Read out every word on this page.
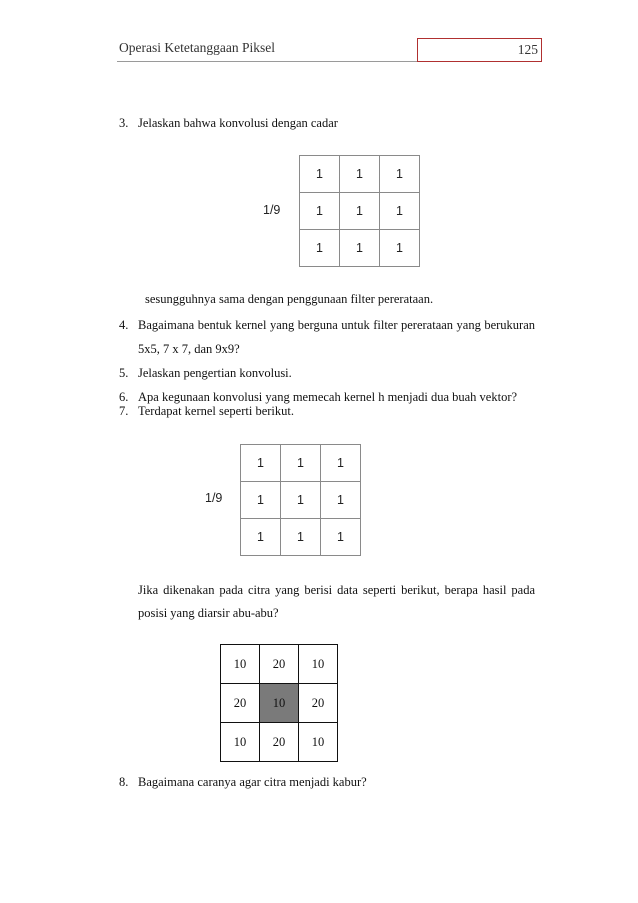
Operasi Ketetanggaan Piksel	125
3. Jelaskan bahwa konvolusi dengan cadar
1/9
1	1	1
1	1	1
1	1	1
sesungguhnya sama dengan penggunaan filter pererataan.
4. Bagaimana bentuk kernel yang berguna untuk filter pererataan yang berukuran
5x5, 7 x 7, dan 9x9?
5. Jelaskan pengertian konvolusi.
6. Apa kegunaan konvolusi yang memecah kernel h menjadi dua buah vektor?
7. Terdapat kernel seperti berikut.
1/9
1	1	1
1	1	1
1	1	1
Jika dikenakan pada citra yang berisi data seperti berikut, berapa hasil pada
posisi yang diarsir abu-abu?
10	20	10
20	10	20
10	20	10
8. Bagaimana caranya agar citra menjadi kabur?
